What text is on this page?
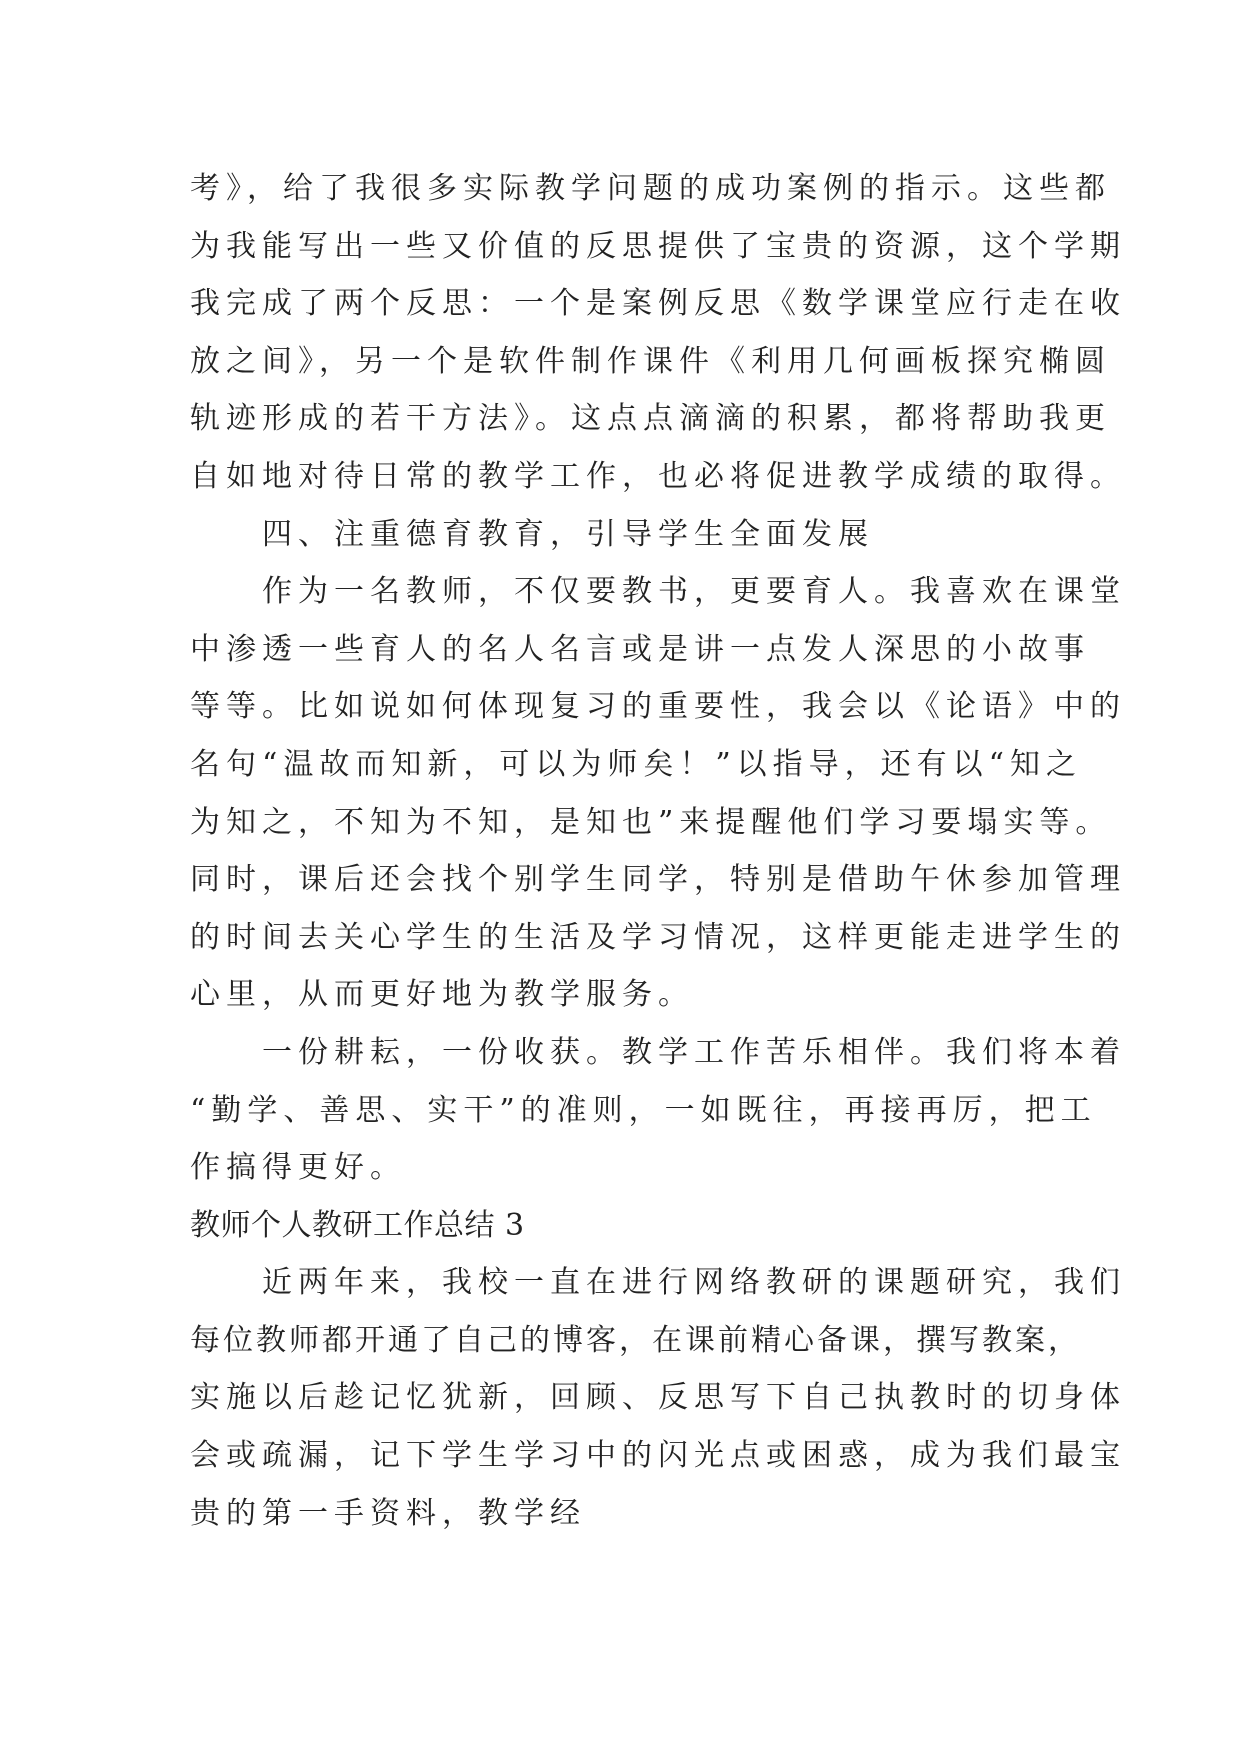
考》，给了我很多实际教学问题的成功案例的指示。这些都
为我能写出一些又价值的反思提供了宝贵的资源，这个学期
我完成了两个反思：一个是案例反思《数学课堂应行走在收
放之间》，另一个是软件制作课件《利用几何画板探究椭圆
轨迹形成的若干方法》。这点点滴滴的积累，都将帮助我更
自如地对待日常的教学工作，也必将促进教学成绩的取得。
四、注重德育教育，引导学生全面发展
作为一名教师，不仅要教书，更要育人。我喜欢在课堂
中渗透一些育人的名人名言或是讲一点发人深思的小故事
等等。比如说如何体现复习的重要性，我会以《论语》中的
名句“温故而知新，可以为师矣！”以指导，还有以“知之
为知之，不知为不知，是知也”来提醒他们学习要塌实等。
同时，课后还会找个别学生同学，特别是借助午休参加管理
的时间去关心学生的生活及学习情况，这样更能走进学生的
心里，从而更好地为教学服务。
一份耕耘，一份收获。教学工作苦乐相伴。我们将本着
“勤学、善思、实干”的准则，一如既往，再接再厉，把工
作搞得更好。
教师个人教研工作总结 3
近两年来，我校一直在进行网络教研的课题研究，我们
每位教师都开通了自己的博客，在课前精心备课，撰写教案，
实施以后趁记忆犹新，回顾、反思写下自己执教时的切身体
会或疏漏，记下学生学习中的闪光点或困惑，成为我们最宝
贵的第一手资料，教学经
